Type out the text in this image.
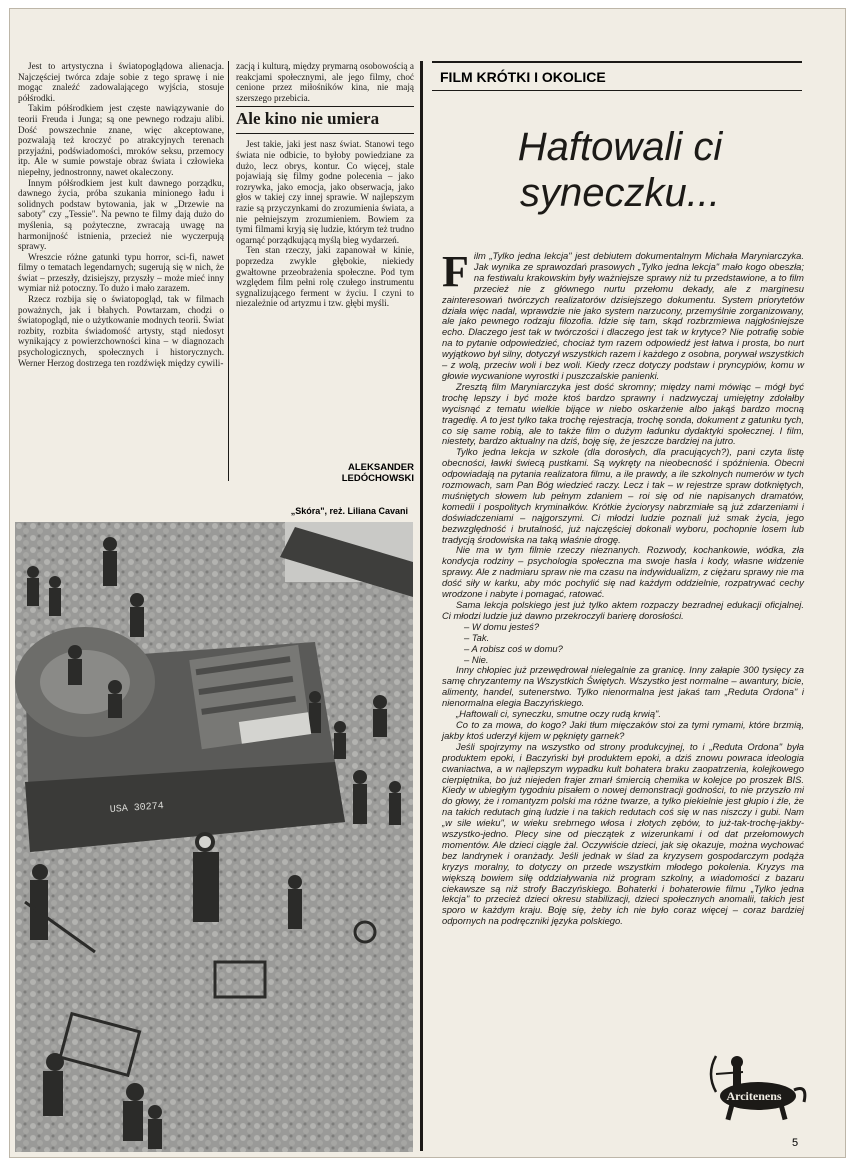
Jest to artystyczna i światopoglądowa alienacja. Najczęściej twórca zdaje sobie z tego sprawę i nie mogąc znaleźć zadowalającego wyjścia, stosuje półśrodki.

Takim półśrodkiem jest częste nawiązywanie do teorii Freuda i Junga; są one pewnego rodzaju alibi. Dość powszechnie znane, więc akceptowane, pozwalają też kroczyć po atrakcyjnych terenach przyjaźni, podświadomości, mroków seksu, przemocy itp. Ale w sumie powstaje obraz świata i człowieka niepełny, jednostronny, nawet okaleczony.

Innym półśrodkiem jest kult dawnego porządku, dawnego życia, próba szukania minionego ładu i solidnych podstaw bytowania, jak w „Drzewie na saboty" czy „Tessie". Na pewno te filmy dają dużo do myślenia, są pożyteczne, zwracają uwagę na harmonijność istnienia, przecież nie wyczerpują sprawy.

Wreszcie różne gatunki typu horror, sci-fi, nawet filmy o tematach legendarnych; sugerują się w nich, że świat – przeszły, dzisiejszy, przyszły – może mieć inny wymiar niż potoczny. To dużo i mało zarazem.

Rzecz rozbija się o światopogląd, tak w filmach poważnych, jak i błahych. Powtarzam, chodzi o światopogląd, nie o użytkowanie modnych teorii. Świat rozbity, rozbita świadomość artysty, stąd niedosyt wynikający z powierzchowności kina – w diagnozach psychologicznych, społecznych i historycznych. Werner Herzog dostrzega ten rozdźwięk między cywili-

zacją i kulturą, między prymarną osobowością a reakcjami społecznymi, ale jego filmy, choć cenione przez miłośników kina, nie mają szerszego przebicia.

Ale kino nie umiera

Jest takie, jaki jest nasz świat. Stanowi tego świata nie odbicie, to byłoby powiedziane za dużo, lecz obrys, kontur. Co więcej, stale pojawiają się filmy godne polecenia – jako rozrywka, jako emocja, jako obserwacja, jako głos w takiej czy innej sprawie. W najlepszym razie są przyczynkami do zrozumienia świata, a nie pełniejszym zrozumieniem. Bowiem za tymi filmami kryją się ludzie, którym też trudno ogarnąć porządkującą myślą bieg wydarzeń.

Ten stan rzeczy, jaki zapanował w kinie, poprzedza zwykle głębokie, niekiedy gwałtowne przeobrażenia społeczne. Pod tym względem film pełni rolę czułego instrumentu sygnalizującego ferment w życiu. I czyni to niezależnie od artyzmu i tzw. głębi myśli.

ALEKSANDER LEDÓCHOWSKI
„Skóra", reż. Liliana Cavani
USA 30274
FILM KRÓTKI I OKOLICE
Haftowali ci
syneczku...

Film „Tylko jedna lekcja" jest debiutem dokumentalnym Michała Maryniarczyka. Jak wynika ze sprawozdań prasowych „Tylko jedna lekcja" mało kogo obeszła; na festiwalu krakowskim były ważniejsze sprawy niż tu przedstawione, a to film przecież nie z głównego nurtu przełomu dekady, ale z marginesu zainteresowań twórczych realizatorów dzisiejszego dokumentu. System priorytetów działa więc nadal, wprawdzie nie jako system narzucony, przemyślnie zorganizowany, ale jako pewnego rodzaju filozofia. Idzie się tam, skąd rozbrzmiewa najgłośniejsze echo. Dlaczego jest tak w twórczości i dlaczego jest tak w krytyce? Nie potrafię sobie na to pytanie odpowiedzieć, chociaż tym razem odpowiedź jest łatwa i prosta, bo nurt wyjątkowo był silny, dotyczył wszystkich razem i każdego z osobna, porywał wszystkich – z wolą, przeciw woli i bez woli. Kiedy rzecz dotyczy podstaw i pryncypiów, komu w głowie wycwanione wyrostki i puszczalskie panienki.

Zresztą film Maryniarczyka jest dość skromny; między nami mówiąc – mógł być trochę lepszy i być może ktoś bardzo sprawny i nadzwyczaj umiejętny zdołałby wycisnąć z tematu wielkie bijące w niebo oskarżenie albo jakąś bardzo mocną tragedię. A to jest tylko taka trochę rejestracja, trochę sonda, dokument z gatunku tych, co się same robią, ale to także film o dużym ładunku dydaktyki społecznej. I film, niestety, bardzo aktualny na dziś, boję się, że jeszcze bardziej na jutro.

Tylko jedna lekcja w szkole (dla dorosłych, dla pracujących?), pani czyta listę obecności, ławki świecą pustkami. Są wykręty na nieobecność i spóźnienia. Obecni odpowiadają na pytania realizatora filmu, a ile prawdy, a ile szkolnych numerów w tych rozmowach, sam Pan Bóg wiedzieć raczy. Lecz i tak – w rejestrze spraw dotkniętych, muśniętych słowem lub pełnym zdaniem – roi się od nie napisanych dramatów, komedii i pospolitych kryminałków. Krótkie życiorysy nabrzmiałe są już zdarzeniami i doświadczeniami – najgorszymi. Ci młodzi ludzie poznali już smak życia, jego bezwzględność i brutalność, już najczęściej dokonali wyboru, pochopnie losem lub tradycją środowiska na taką właśnie drogę.

Nie ma w tym filmie rzeczy nieznanych. Rozwody, kochankowie, wódka, zła kondycja rodziny – psychologia społeczna ma swoje hasła i kody, własne widzenie sprawy. Ale z nadmiaru spraw nie ma czasu na indywidualizm, z ciężaru sprawy nie ma dość siły w karku, aby móc pochylić się nad każdym oddzielnie, rozpatrywać cechy wrodzone i nabyte i pomagać, ratować.

Sama lekcja polskiego jest już tylko aktem rozpaczy bezradnej edukacji oficjalnej. Ci młodzi ludzie już dawno przekroczyli barierę dorosłości.

– W domu jesteś?

– Tak.

– A robisz coś w domu?

– Nie.

Inny chłopiec już przewędrował nielegalnie za granicę. Inny załapie 300 tysięcy za samę chryzantemy na Wszystkich Świętych. Wszystko jest normalne – awantury, bicie, alimenty, handel, sutenerstwo. Tylko nienormalna jest jakaś tam „Reduta Ordona" i nienormalna elegia Baczyńskiego.

„Haftowali ci, syneczku, smutne oczy rudą krwią".

Co to za mowa, do kogo? Jaki tłum mięczaków stoi za tymi rymami, które brzmią, jakby ktoś uderzył kijem w pęknięty garnek?

Jeśli spojrzymy na wszystko od strony produkcyjnej, to i „Reduta Ordona" była produktem epoki, i Baczyński był produktem epoki, a dziś znowu powraca ideologia cwaniactwa, a w najlepszym wypadku kult bohatera braku zaopatrzenia, kolejkowego cierpiętnika, bo już niejeden frajer zmarł śmiercią chemika w kolejce po proszek BIS. Kiedy w ubiegłym tygodniu pisałem o nowej demonstracji godności, to nie przyszło mi do głowy, że i romantyzm polski ma różne twarze, a tylko piekielnie jest głupio i źle, że na takich redutach giną ludzie i na takich redutach coś się w nas niszczy i gubi. Nam „w sile wieku", w wieku srebrnego włosa i złotych zębów, to już-tak-trochę-jakby-wszystko-jedno. Plecy sine od pieczątek z wizerunkami i od dat przełomowych momentów. Ale dzieci ciągle żal. Oczywiście dzieci, jak się okazuje, można wychować bez landrynek i oranżady. Jeśli jednak w ślad za kryzysem gospodarczym podąża kryzys moralny, to dotyczy on przede wszystkim młodego pokolenia. Kryzys ma większą bowiem siłę oddziaływania niż program szkolny, a wiadomości z bazaru ciekawsze są niż strofy Baczyńskiego. Bohaterki i bohaterowie filmu „Tylko jedna lekcja" to przecież dzieci okresu stabilizacji, dzieci społecznych anomalii, takich jest sporo w każdym kraju. Boję się, żeby ich nie było coraz więcej – coraz bardziej odpornych na podręczniki języka polskiego.

Arcitenens
5
